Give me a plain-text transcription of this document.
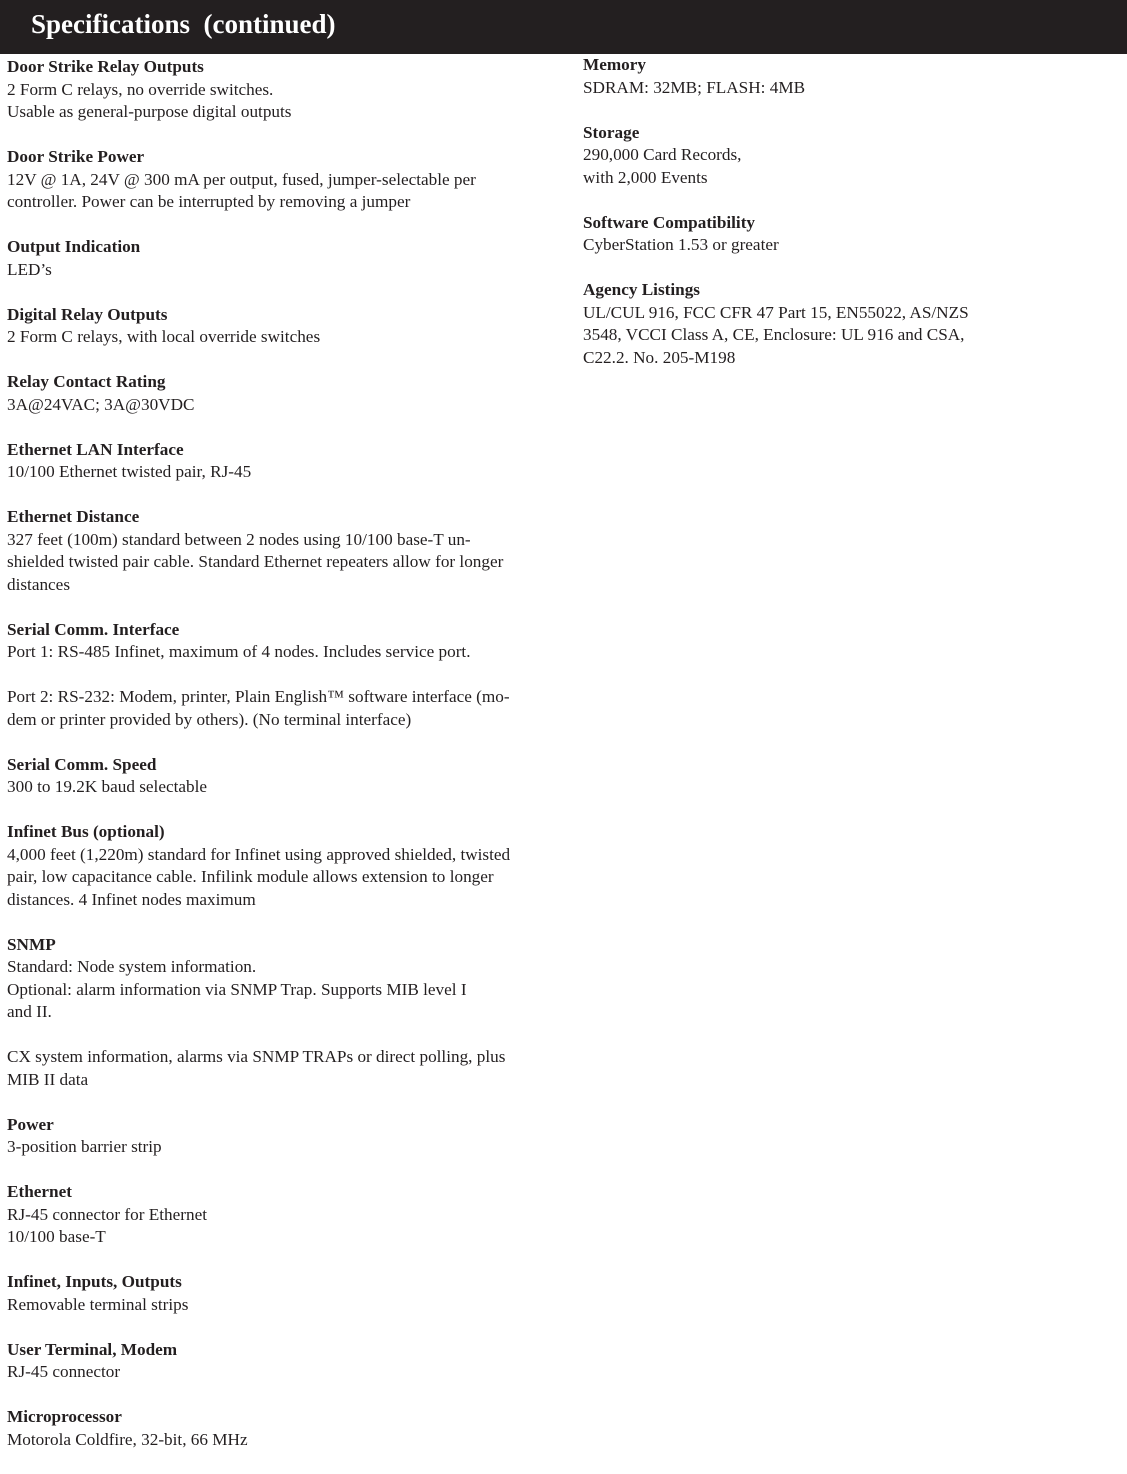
Specifications  (continued)
Door Strike Relay Outputs
2 Form C relays, no override switches.
Usable as general-purpose digital outputs
Door Strike Power
12V @ 1A, 24V @ 300 mA per output, fused, jumper-selectable per
controller. Power can be interrupted by removing a jumper
Output Indication
LED’s
Digital Relay Outputs
2 Form C relays, with local override switches
Relay Contact Rating
3A@24VAC; 3A@30VDC
Ethernet LAN Interface
10/100 Ethernet twisted pair, RJ-45
Ethernet Distance
327 feet (100m) standard between 2 nodes using 10/100 base-T un-
shielded twisted pair cable. Standard Ethernet repeaters allow for longer
distances
Serial Comm. Interface
Port 1: RS-485 Infinet, maximum of 4 nodes. Includes service port.
Port 2: RS-232: Modem, printer, Plain English™ software interface (mo-
dem or printer provided by others). (No terminal interface)
Serial Comm. Speed
300 to 19.2K baud selectable
Infinet Bus (optional)
4,000 feet (1,220m) standard for Infinet using approved shielded, twisted
pair, low capacitance cable. Infilink module allows extension to longer
distances. 4 Infinet nodes maximum
SNMP
Standard: Node system information.
Optional: alarm information via SNMP Trap. Supports MIB level I
and II.
CX system information, alarms via SNMP TRAPs or direct polling, plus
MIB II data
Power
3-position barrier strip
Ethernet
RJ-45 connector for Ethernet
10/100 base-T
Infinet, Inputs, Outputs
Removable terminal strips
User Terminal, Modem
RJ-45 connector
Microprocessor
Motorola Coldfire, 32-bit, 66 MHz
Memory
SDRAM: 32MB; FLASH: 4MB
Storage
290,000 Card Records,
with 2,000 Events
Software Compatibility
CyberStation 1.53 or greater
Agency Listings
UL/CUL 916, FCC CFR 47 Part 15, EN55022, AS/NZS
3548, VCCI Class A, CE, Enclosure: UL 916 and CSA,
C22.2. No. 205-M198
